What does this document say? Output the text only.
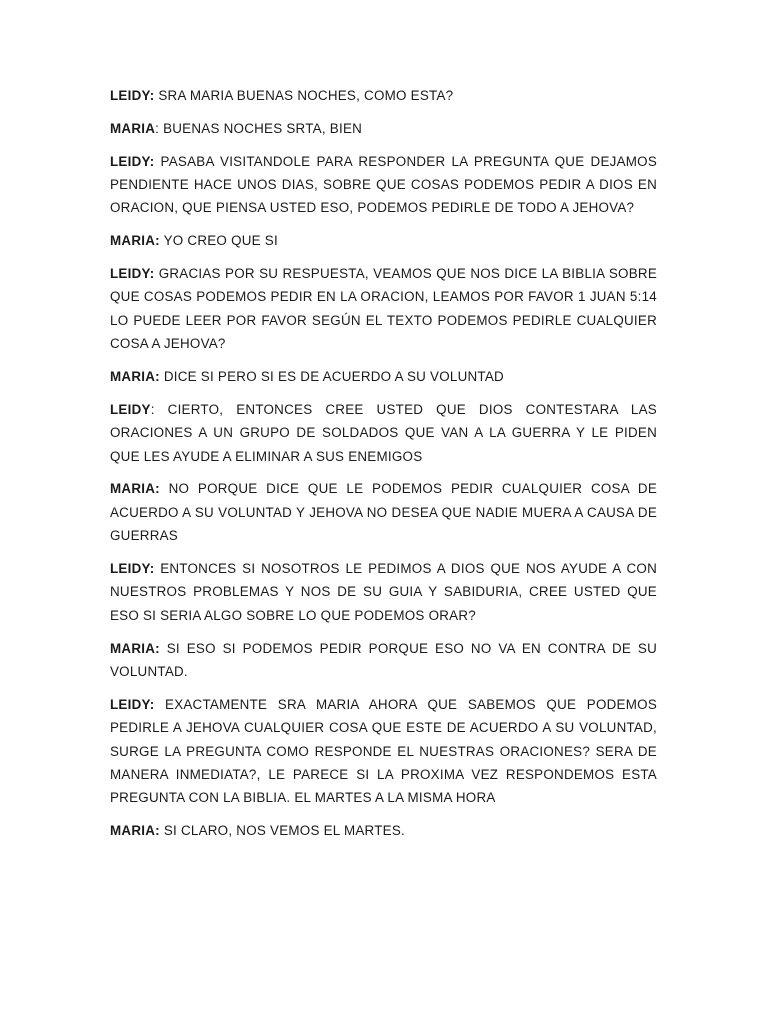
LEIDY: SRA MARIA BUENAS NOCHES, COMO ESTA?

MARIA: BUENAS NOCHES SRTA, BIEN

LEIDY: PASABA VISITANDOLE PARA RESPONDER LA PREGUNTA QUE DEJAMOS PENDIENTE HACE UNOS DIAS, SOBRE QUE COSAS PODEMOS PEDIR A DIOS EN ORACION, QUE PIENSA USTED ESO, PODEMOS PEDIRLE DE TODO A JEHOVA?

MARIA: YO CREO QUE SI

LEIDY: GRACIAS POR SU RESPUESTA, VEAMOS QUE NOS DICE LA BIBLIA SOBRE QUE COSAS PODEMOS PEDIR EN LA ORACION, LEAMOS POR FAVOR 1 JUAN 5:14 LO PUEDE LEER POR FAVOR SEGÚN EL TEXTO PODEMOS PEDIRLE CUALQUIER COSA A JEHOVA?

MARIA: DICE SI PERO SI ES DE ACUERDO A SU VOLUNTAD

LEIDY: CIERTO, ENTONCES CREE USTED QUE DIOS CONTESTARA LAS ORACIONES A UN GRUPO DE SOLDADOS QUE VAN A LA GUERRA Y LE PIDEN QUE LES AYUDE A ELIMINAR A SUS ENEMIGOS

MARIA: NO PORQUE DICE QUE LE PODEMOS PEDIR CUALQUIER COSA DE ACUERDO A SU VOLUNTAD Y JEHOVA NO DESEA QUE NADIE MUERA A CAUSA DE GUERRAS

LEIDY: ENTONCES SI NOSOTROS LE PEDIMOS A DIOS QUE NOS AYUDE A CON NUESTROS PROBLEMAS Y NOS DE SU GUIA Y SABIDURIA, CREE USTED QUE ESO SI SERIA ALGO SOBRE LO QUE PODEMOS ORAR?

MARIA: SI ESO SI PODEMOS PEDIR PORQUE ESO NO VA EN CONTRA DE SU VOLUNTAD.

LEIDY: EXACTAMENTE SRA MARIA AHORA QUE SABEMOS QUE PODEMOS PEDIRLE A JEHOVA CUALQUIER COSA QUE ESTE DE ACUERDO A SU VOLUNTAD, SURGE LA PREGUNTA COMO RESPONDE EL NUESTRAS ORACIONES? SERA DE MANERA INMEDIATA?, LE PARECE SI LA PROXIMA VEZ RESPONDEMOS ESTA PREGUNTA CON LA BIBLIA. EL MARTES A LA MISMA HORA

MARIA: SI CLARO, NOS VEMOS EL MARTES.
